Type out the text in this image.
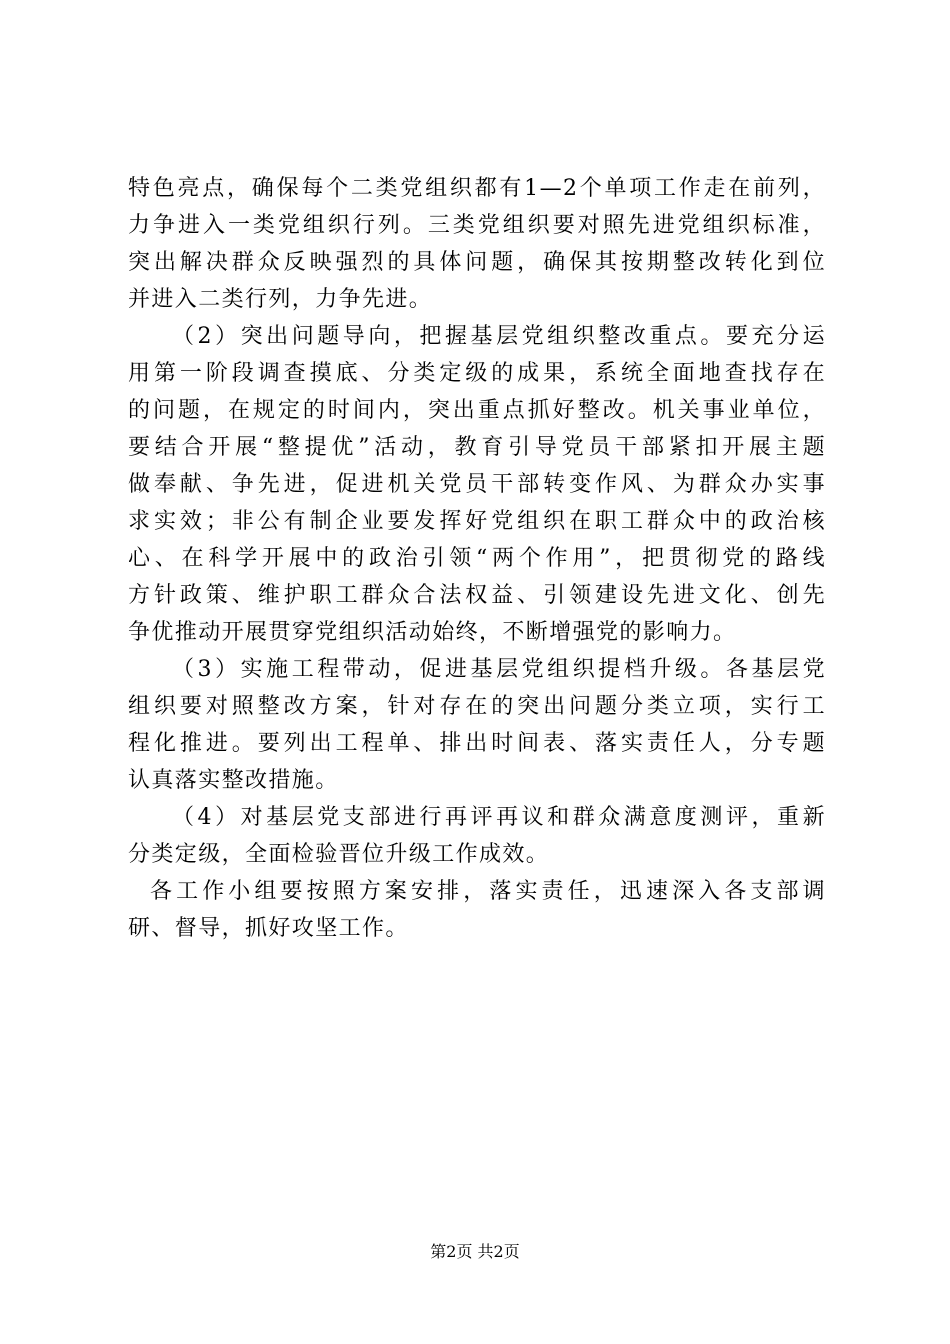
特色亮点，确保每个二类党组织都有1—2个单项工作走在前列，
力争进入一类党组织行列。三类党组织要对照先进党组织标准，
突出解决群众反映强烈的具体问题，确保其按期整改转化到位
并进入二类行列，力争先进。
（2）突出问题导向，把握基层党组织整改重点。要充分运
用第一阶段调查摸底、分类定级的成果，系统全面地查找存在
的问题，在规定的时间内，突出重点抓好整改。机关事业单位，
要结合开展“整提优”活动，教育引导党员干部紧扣开展主题
做奉献、争先进，促进机关党员干部转变作风、为群众办实事
求实效；非公有制企业要发挥好党组织在职工群众中的政治核
心、在科学开展中的政治引领“两个作用”，把贯彻党的路线
方针政策、维护职工群众合法权益、引领建设先进文化、创先
争优推动开展贯穿党组织活动始终，不断增强党的影响力。
（3）实施工程带动，促进基层党组织提档升级。各基层党
组织要对照整改方案，针对存在的突出问题分类立项，实行工
程化推进。要列出工程单、排出时间表、落实责任人，分专题
认真落实整改措施。
（4）对基层党支部进行再评再议和群众满意度测评，重新
分类定级，全面检验晋位升级工作成效。
各工作小组要按照方案安排，落实责任，迅速深入各支部调
研、督导，抓好攻坚工作。
第2页 共2页
